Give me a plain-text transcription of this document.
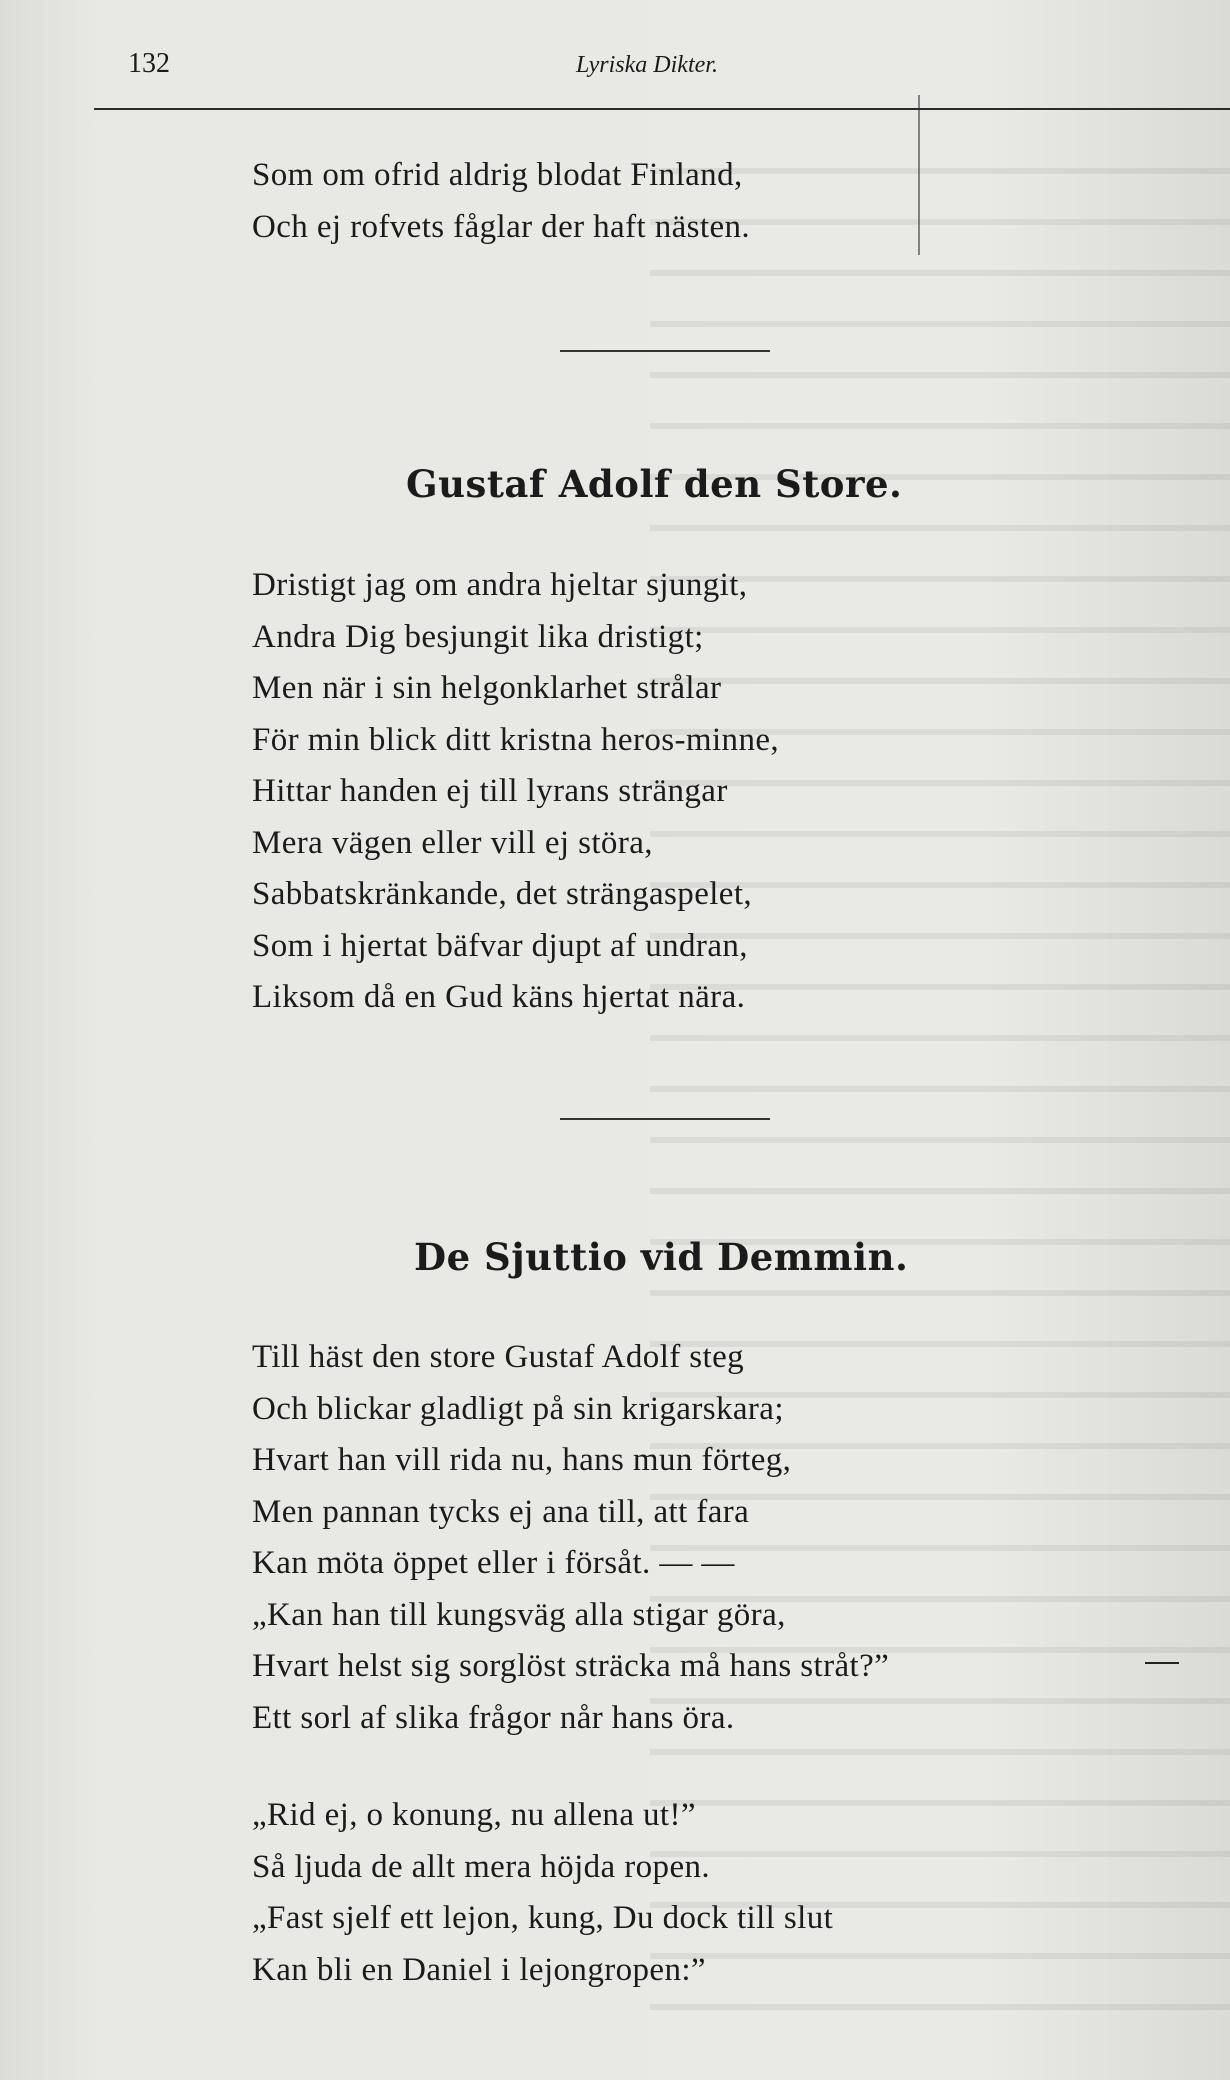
132	Lyriska Dikter.
Som om ofrid aldrig blodat Finland,
Och ej rofvets fåglar der haft nästen.
Gustaf Adolf den Store.
Dristigt jag om andra hjeltar sjungit,
Andra Dig besjungit lika dristigt;
Men när i sin helgonklarhet strålar
För min blick ditt kristna heros-minne,
Hittar handen ej till lyrans strängar
Mera vägen eller vill ej störa,
Sabbatskränkande, det strängaspelet,
Som i hjertat bäfvar djupt af undran,
Liksom då en Gud käns hjertat nära.
De Sjuttio vid Demmin.
Till häst den store Gustaf Adolf steg
Och blickar gladligt på sin krigarskara;
Hvart han vill rida nu, hans mun förteg,
Men pannan tycks ej ana till, att fara
Kan möta öppet eller i försåt. — —
„Kan han till kungsväg alla stigar göra,
Hvart helst sig sorglöst sträcka må hans stråt?”
Ett sorl af slika frågor når hans öra.
„Rid ej, o konung, nu allena ut!”
Så ljuda de allt mera höjda ropen.
„Fast sjelf ett lejon, kung, Du dock till slut
Kan bli en Daniel i lejongropen:”
